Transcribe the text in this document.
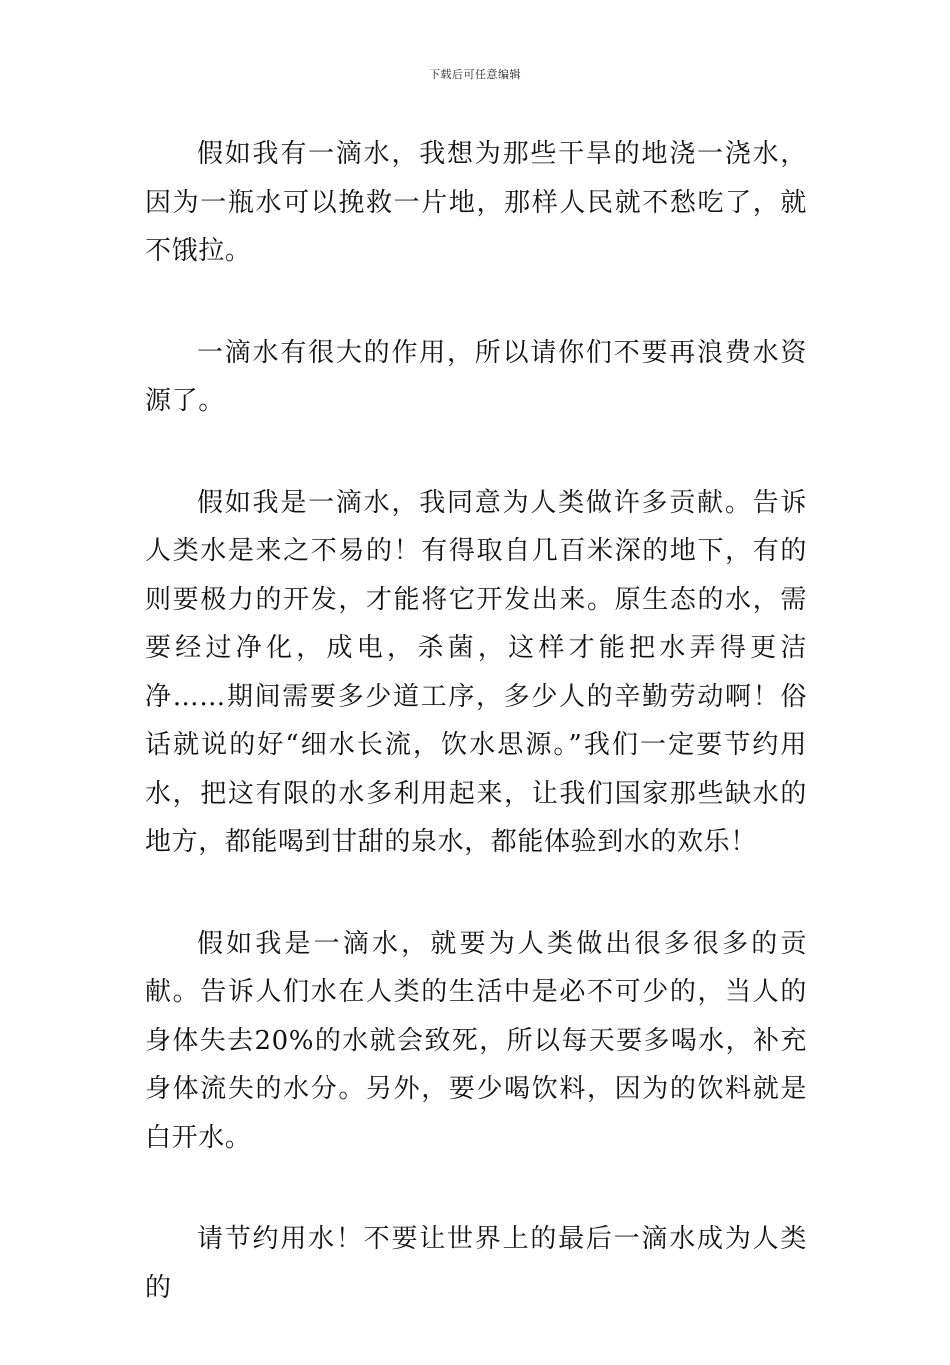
下载后可任意编辑

假如我有一滴水，我想为那些干旱的地浇一浇水，因为一瓶水可以挽救一片地，那样人民就不愁吃了，就不饿拉。

一滴水有很大的作用，所以请你们不要再浪费水资源了。

假如我是一滴水，我同意为人类做许多贡献。告诉人类水是来之不易的！有得取自几百米深的地下，有的则要极力的开发，才能将它开发出来。原生态的水，需要经过净化，成电，杀菌，这样才能把水弄得更洁净……期间需要多少道工序，多少人的辛勤劳动啊！俗话就说的好“细水长流，饮水思源。”我们一定要节约用水，把这有限的水多利用起来，让我们国家那些缺水的地方，都能喝到甘甜的泉水，都能体验到水的欢乐！

假如我是一滴水，就要为人类做出很多很多的贡献。告诉人们水在人类的生活中是必不可少的，当人的身体失去20%的水就会致死，所以每天要多喝水，补充身体流失的水分。另外，要少喝饮料，因为的饮料就是白开水。

请节约用水！不要让世界上的最后一滴水成为人类的
